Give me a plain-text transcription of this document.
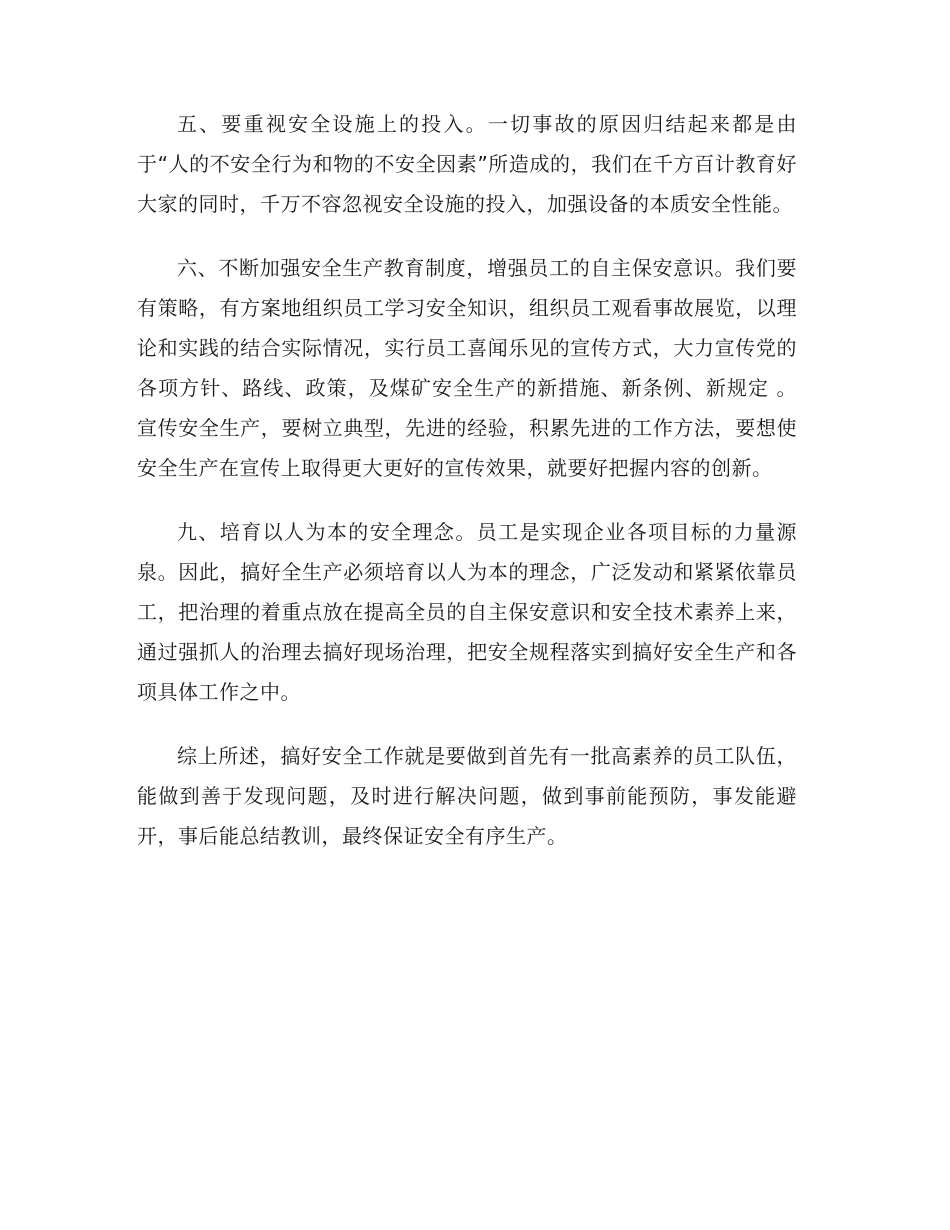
五、要重视安全设施上的投入。一切事故的原因归结起来都是由于“人的不安全行为和物的不安全因素”所造成的，我们在千方百计教育好大家的同时，千万不容忽视安全设施的投入，加强设备的本质安全性能。

六、不断加强安全生产教育制度，增强员工的自主保安意识。我们要有策略，有方案地组织员工学习安全知识，组织员工观看事故展览，以理论和实践的结合实际情况，实行员工喜闻乐见的宣传方式，大力宣传党的各项方针、路线、政策，及煤矿安全生产的新措施、新条例、新规定 。宣传安全生产，要树立典型，先进的经验，积累先进的工作方法，要想使安全生产在宣传上取得更大更好的宣传效果，就要好把握内容的创新。

九、培育以人为本的安全理念。员工是实现企业各项目标的力量源泉。因此，搞好全生产必须培育以人为本的理念，广泛发动和紧紧依靠员工，把治理的着重点放在提高全员的自主保安意识和安全技术素养上来，通过强抓人的治理去搞好现场治理，把安全规程落实到搞好安全生产和各项具体工作之中。

综上所述，搞好安全工作就是要做到首先有一批高素养的员工队伍，能做到善于发现问题，及时进行解决问题，做到事前能预防，事发能避开，事后能总结教训，最终保证安全有序生产。
